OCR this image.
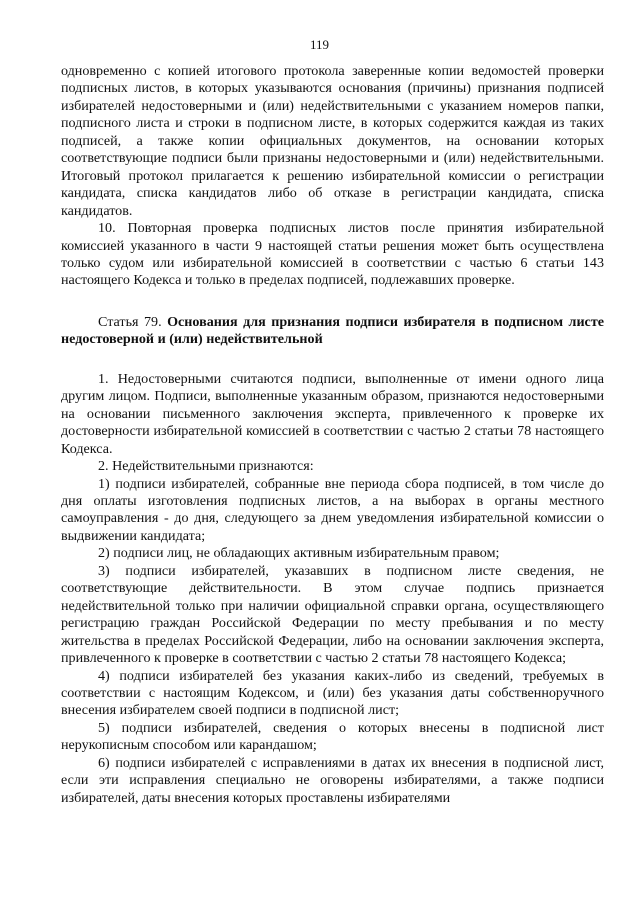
119

одновременно с копией итогового протокола заверенные копии ведомостей проверки подписных листов, в которых указываются основания (причины) признания подписей избирателей недостоверными и (или) недействительными с указанием номеров папки, подписного листа и строки в подписном листе, в которых содержится каждая из таких подписей, а также копии официальных документов, на основании которых соответствующие подписи были признаны недостоверными и (или) недействительными. Итоговый протокол прилагается к решению избирательной комиссии о регистрации кандидата, списка кандидатов либо об отказе в регистрации кандидата, списка кандидатов.

10. Повторная проверка подписных листов после принятия избирательной комиссией указанного в части 9 настоящей статьи решения может быть осуществлена только судом или избирательной комиссией в соответствии с частью 6 статьи 143 настоящего Кодекса и только в пределах подписей, подлежавших проверке.

Статья 79. Основания для признания подписи избирателя в подписном листе недостоверной и (или) недействительной

1. Недостоверными считаются подписи, выполненные от имени одного лица другим лицом. Подписи, выполненные указанным образом, признаются недостоверными на основании письменного заключения эксперта, привлеченного к проверке их достоверности избирательной комиссией в соответствии с частью 2 статьи 78 настоящего Кодекса.

2. Недействительными признаются:

1) подписи избирателей, собранные вне периода сбора подписей, в том числе до дня оплаты изготовления подписных листов, а на выборах в органы местного самоуправления - до дня, следующего за днем уведомления избирательной комиссии о выдвижении кандидата;

2) подписи лиц, не обладающих активным избирательным правом;

3) подписи избирателей, указавших в подписном листе сведения, не соответствующие действительности. В этом случае подпись признается недействительной только при наличии официальной справки органа, осуществляющего регистрацию граждан Российской Федерации по месту пребывания и по месту жительства в пределах Российской Федерации, либо на основании заключения эксперта, привлеченного к проверке в соответствии с частью 2 статьи 78 настоящего Кодекса;

4) подписи избирателей без указания каких-либо из сведений, требуемых в соответствии с настоящим Кодексом, и (или) без указания даты собственноручного внесения избирателем своей подписи в подписной лист;

5) подписи избирателей, сведения о которых внесены в подписной лист нерукописным способом или карандашом;

6) подписи избирателей с исправлениями в датах их внесения в подписной лист, если эти исправления специально не оговорены избирателями, а также подписи избирателей, даты внесения которых проставлены избирателями
